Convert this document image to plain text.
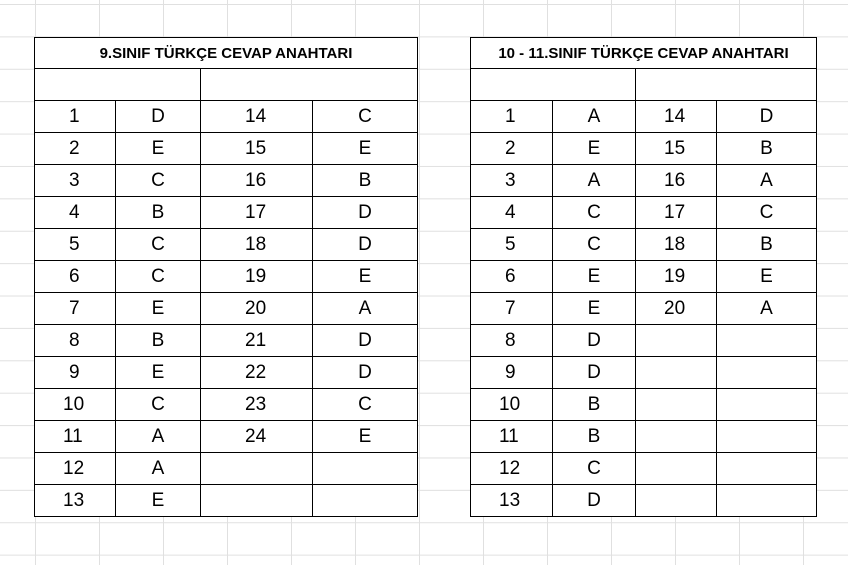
9.SINIF TÜRKÇE CEVAP ANAHTARI			

1	D	14	C
2	E	15	E
3	C	16	B
4	B	17	D
5	C	18	D
6	C	19	E
7	E	20	A
8	B	21	D
9	E	22	D
10	C	23	C
11	A	24	E
12	A		
13	E		
10 - 11.SINIF TÜRKÇE CEVAP ANAHTARI			

1	A	14	D
2	E	15	B
3	A	16	A
4	C	17	C
5	C	18	B
6	E	19	E
7	E	20	A
8	D		
9	D		
10	B		
11	B		
12	C		
13	D		
